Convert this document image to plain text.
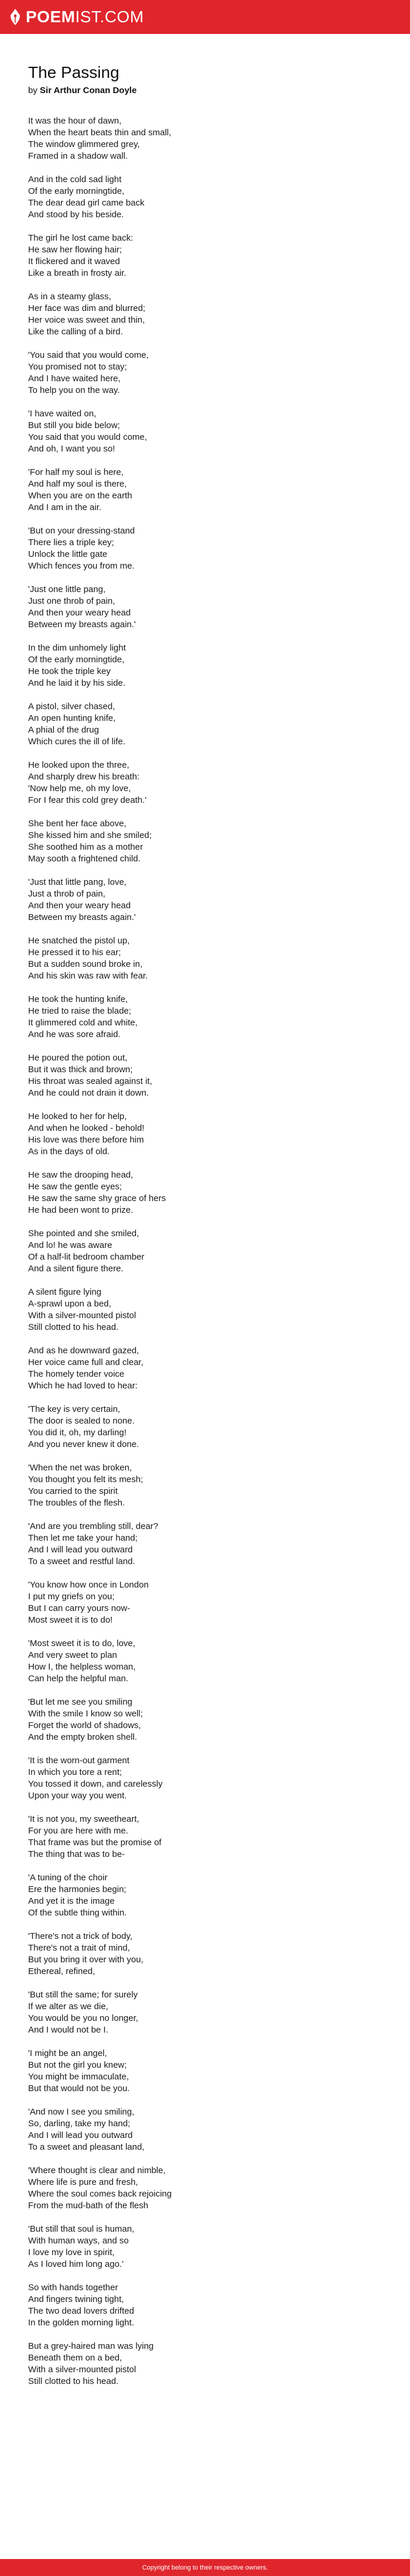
POEM IST.COM
The Passing
by Sir Arthur Conan Doyle
It was the hour of dawn,
When the heart beats thin and small,
The window glimmered grey,
Framed in a shadow wall.
And in the cold sad light
Of the early morningtide,
The dear dead girl came back
And stood by his beside.
The girl he lost came back:
He saw her flowing hair;
It flickered and it waved
Like a breath in frosty air.
As in a steamy glass,
Her face was dim and blurred;
Her voice was sweet and thin,
Like the calling of a bird.
'You said that you would come,
You promised not to stay;
And I have waited here,
To help you on the way.
'I have waited on,
But still you bide below;
You said that you would come,
And oh, I want you so!
'For half my soul is here,
And half my soul is there,
When you are on the earth
And I am in the air.
'But on your dressing-stand
There lies a triple key;
Unlock the little gate
Which fences you from me.
'Just one little pang,
Just one throb of pain,
And then your weary head
Between my breasts again.'
In the dim unhomely light
Of the early morningtide,
He took the triple key
And he laid it by his side.
A pistol, silver chased,
An open hunting knife,
A phial of the drug
Which cures the ill of life.
He looked upon the three,
And sharply drew his breath:
'Now help me, oh my love,
For I fear this cold grey death.'
She bent her face above,
She kissed him and she smiled;
She soothed him as a mother
May sooth a frightened child.
'Just that little pang, love,
Just a throb of pain,
And then your weary head
Between my breasts again.'
He snatched the pistol up,
He pressed it to his ear;
But a sudden sound broke in,
And his skin was raw with fear.
He took the hunting knife,
He tried to raise the blade;
It glimmered cold and white,
And he was sore afraid.
He poured the potion out,
But it was thick and brown;
His throat was sealed against it,
And he could not drain it down.
He looked to her for help,
And when he looked - behold!
His love was there before him
As in the days of old.
He saw the drooping head,
He saw the gentle eyes;
He saw the same shy grace of hers
He had been wont to prize.
She pointed and she smiled,
And lo! he was aware
Of a half-lit bedroom chamber
And a silent figure there.
A silent figure lying
A-sprawl upon a bed,
With a silver-mounted pistol
Still clotted to his head.
And as he downward gazed,
Her voice came full and clear,
The homely tender voice
Which he had loved to hear:
'The key is very certain,
The door is sealed to none.
You did it, oh, my darling!
And you never knew it done.
'When the net was broken,
You thought you felt its mesh;
You carried to the spirit
The troubles of the flesh.
'And are you trembling still, dear?
Then let me take your hand;
And I will lead you outward
To a sweet and restful land.
'You know how once in London
I put my griefs on you;
But I can carry yours now-
Most sweet it is to do!
'Most sweet it is to do, love,
And very sweet to plan
How I, the helpless woman,
Can help the helpful man.
'But let me see you smiling
With the smile I know so well;
Forget the world of shadows,
And the empty broken shell.
'It is the worn-out garment
In which you tore a rent;
You tossed it down, and carelessly
Upon your way you went.
'It is not you, my sweetheart,
For you are here with me.
That frame was but the promise of
The thing that was to be-
'A tuning of the choir
Ere the harmonies begin;
And yet it is the image
Of the subtle thing within.
'There's not a trick of body,
There's not a trait of mind,
But you bring it over with you,
Ethereal, refined,
'But still the same; for surely
If we alter as we die,
You would be you no longer,
And I would not be I.
'I might be an angel,
But not the girl you knew;
You might be immaculate,
But that would not be you.
'And now I see you smiling,
So, darling, take my hand;
And I will lead you outward
To a sweet and pleasant land,
'Where thought is clear and nimble,
Where life is pure and fresh,
Where the soul comes back rejoicing
From the mud-bath of the flesh
'But still that soul is human,
With human ways, and so
I love my love in spirit,
As I loved him long ago.'
So with hands together
And fingers twining tight,
The two dead lovers drifted
In the golden morning light.
But a grey-haired man was lying
Beneath them on a bed,
With a silver-mounted pistol
Still clotted to his head.
Copyright belong to their respective owners.
